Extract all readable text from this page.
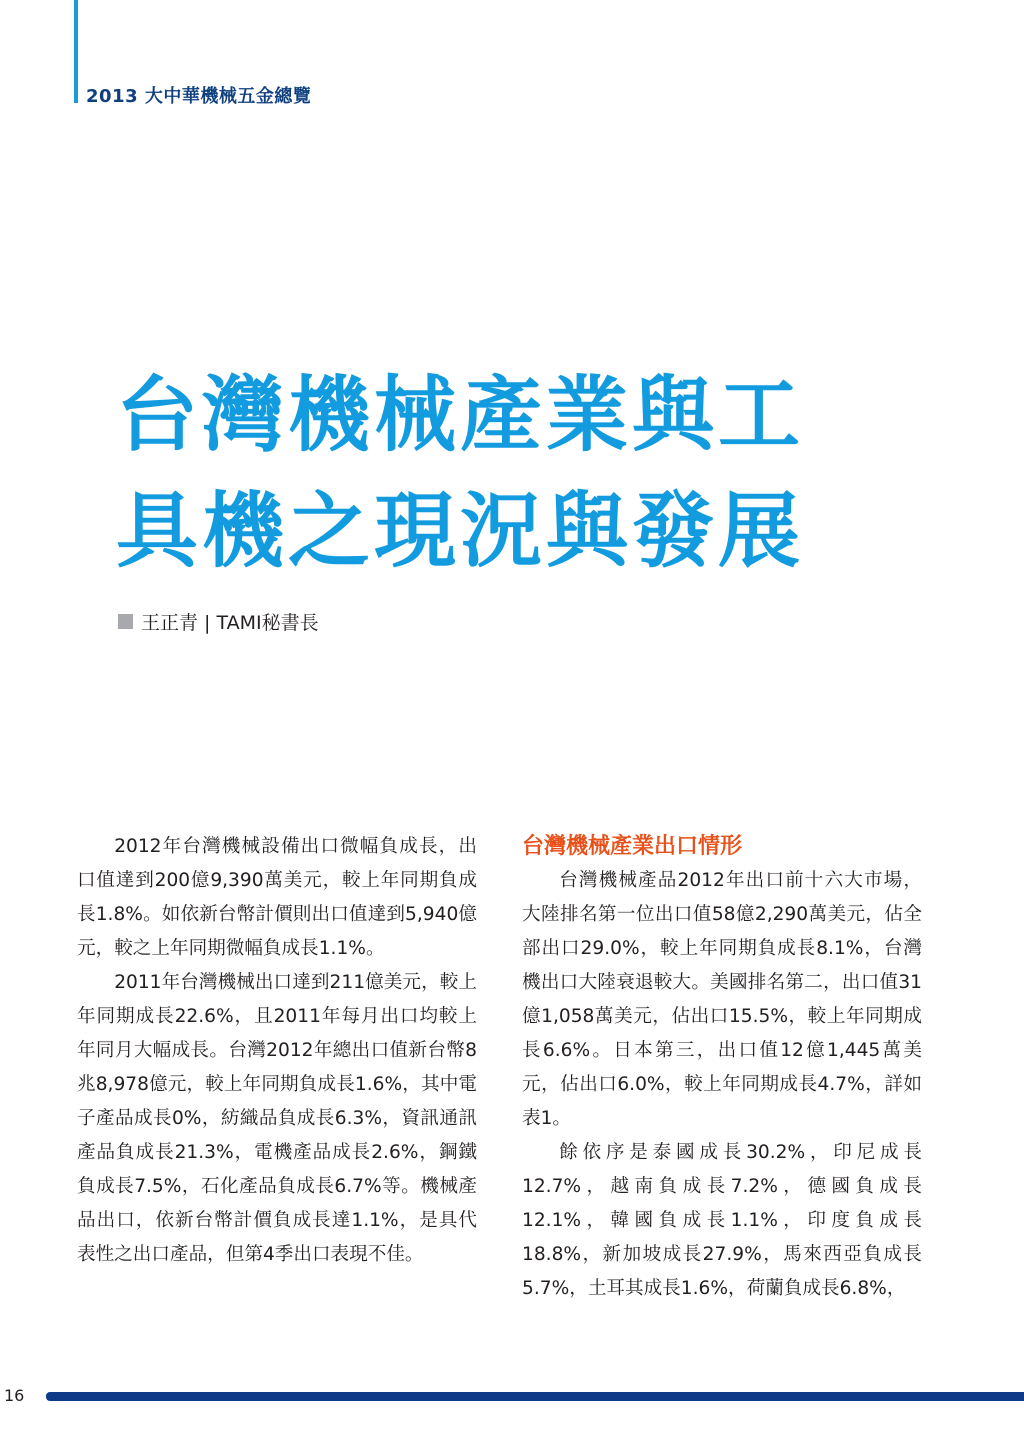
2013 大中華機械五金總覽
台灣機械產業與工
具機之現況與發展
王正青 | TAMI秘書長

2012年台灣機械設備出口微幅負成長，出口值達到200億9,390萬美元，較上年同期負成長1.8%。如依新台幣計價則出口值達到5,940億元，較之上年同期微幅負成長1.1%。

2011年台灣機械出口達到211億美元，較上年同期成長22.6%，且2011年每月出口均較上年同月大幅成長。台灣2012年總出口值新台幣8兆8,978億元，較上年同期負成長1.6%，其中電子產品成長0%，紡織品負成長6.3%，資訊通訊產品負成長21.3%，電機產品成長2.6%，鋼鐵負成長7.5%，石化產品負成長6.7%等。機械產品出口，依新台幣計價負成長達1.1%，是具代表性之出口產品，但第4季出口表現不佳。

台灣機械產業出口情形

台灣機械產品2012年出口前十六大市場，大陸排名第一位出口值58億2,290萬美元，佔全部出口29.0%，較上年同期負成長8.1%，台灣機出口大陸衰退較大。美國排名第二，出口值31億1,058萬美元，佔出口15.5%，較上年同期成長6.6%。日本第三，出口值12億1,445萬美元，佔出口6.0%，較上年同期成長4.7%，詳如表1。

餘依序是泰國成長30.2%，印尼成長12.7%，越南負成長7.2%，德國負成長12.1%，韓國負成長1.1%，印度負成長18.8%，新加坡成長27.9%，馬來西亞負成長5.7%，土耳其成長1.6%，荷蘭負成長6.8%，

16
